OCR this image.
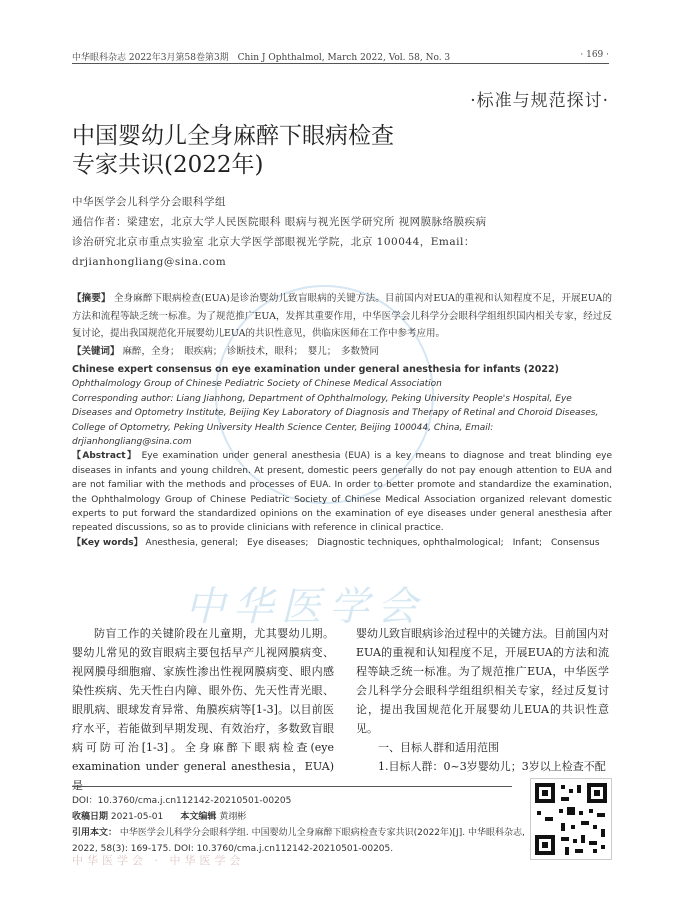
中华眼科杂志 2022年3月第58卷第3期　Chin J Ophthalmol, March 2022, Vol. 58, No. 3	· 169 ·
·标准与规范探讨·
中国婴幼儿全身麻醉下眼病检查
专家共识(2022年)
中华医学会儿科学分会眼科学组
通信作者：梁建宏，北京大学人民医院眼科 眼病与视光医学研究所 视网膜脉络膜疾病
诊治研究北京市重点实验室 北京大学医学部眼视光学院，北京 100044，Email：
drjianhongliang@sina.com
【摘要】 全身麻醉下眼病检查(EUA)是诊治婴幼儿致盲眼病的关键方法。目前国内对EUA的重视和认知程度不足，开展EUA的方法和流程等缺乏统一标准。为了规范推广EUA，发挥其重要作用，中华医学会儿科学分会眼科学组组织国内相关专家，经过反复讨论，提出我国规范化开展婴幼儿EUA的共识性意见，供临床医师在工作中参考应用。
【关键词】 麻醉，全身；　眼疾病；　诊断技术，眼科；　婴儿；　多数赞同

Chinese expert consensus on eye examination under general anesthesia for infants (2022)

Ophthalmology Group of Chinese Pediatric Society of Chinese Medical Association

Corresponding author: Liang Jianhong, Department of Ophthalmology, Peking University People's Hospital, Eye Diseases and Optometry Institute, Beijing Key Laboratory of Diagnosis and Therapy of Retinal and Choroid Diseases, College of Optometry, Peking University Health Science Center, Beijing 100044, China, Email: drjianhongliang@sina.com

【Abstract】 Eye examination under general anesthesia (EUA) is a key means to diagnose and treat blinding eye diseases in infants and young children. At present, domestic peers generally do not pay enough attention to EUA and are not familiar with the methods and processes of EUA. In order to better promote and standardize the examination, the Ophthalmology Group of Chinese Pediatric Society of Chinese Medical Association organized relevant domestic experts to put forward the standardized opinions on the examination of eye diseases under general anesthesia after repeated discussions, so as to provide clinicians with reference in clinical practice.

【Key words】 Anesthesia, general;　Eye diseases;　Diagnostic techniques, ophthalmological;　Infant;　Consensus

中华医学会
防盲工作的关键阶段在儿童期，尤其婴幼儿期。婴幼儿常见的致盲眼病主要包括早产儿视网膜病变、视网膜母细胞瘤、家族性渗出性视网膜病变、眼内感染性疾病、先天性白内障、眼外伤、先天性青光眼、眼肌病、眼球发育异常、角膜疾病等[1-3]。以目前医疗水平，若能做到早期发现、有效治疗，多数致盲眼病可防可治[1-3]。全身麻醉下眼病检查(eye examination under general anesthesia，EUA)是
婴幼儿致盲眼病诊治过程中的关键方法。目前国内对EUA的重视和认知程度不足，开展EUA的方法和流程等缺乏统一标准。为了规范推广EUA，中华医学会儿科学分会眼科学组组织相关专家，经过反复讨论，提出我国规范化开展婴幼儿EUA的共识性意见。
一、目标人群和适用范围
1.目标人群：0~3岁婴幼儿；3岁以上检查不配
DOI：10.3760/cma.j.cn112142-20210501-00205
收稿日期 2021-05-01 本文编辑 黄翊彬
引用本文： 中华医学会儿科学分会眼科学组. 中国婴幼儿全身麻醉下眼病检查专家共识(2022年)[J]. 中华眼科杂志, 2022, 58(3): 169-175. DOI: 10.3760/cma.j.cn112142-20210501-00205.
中华医学会 · 中华医学会
